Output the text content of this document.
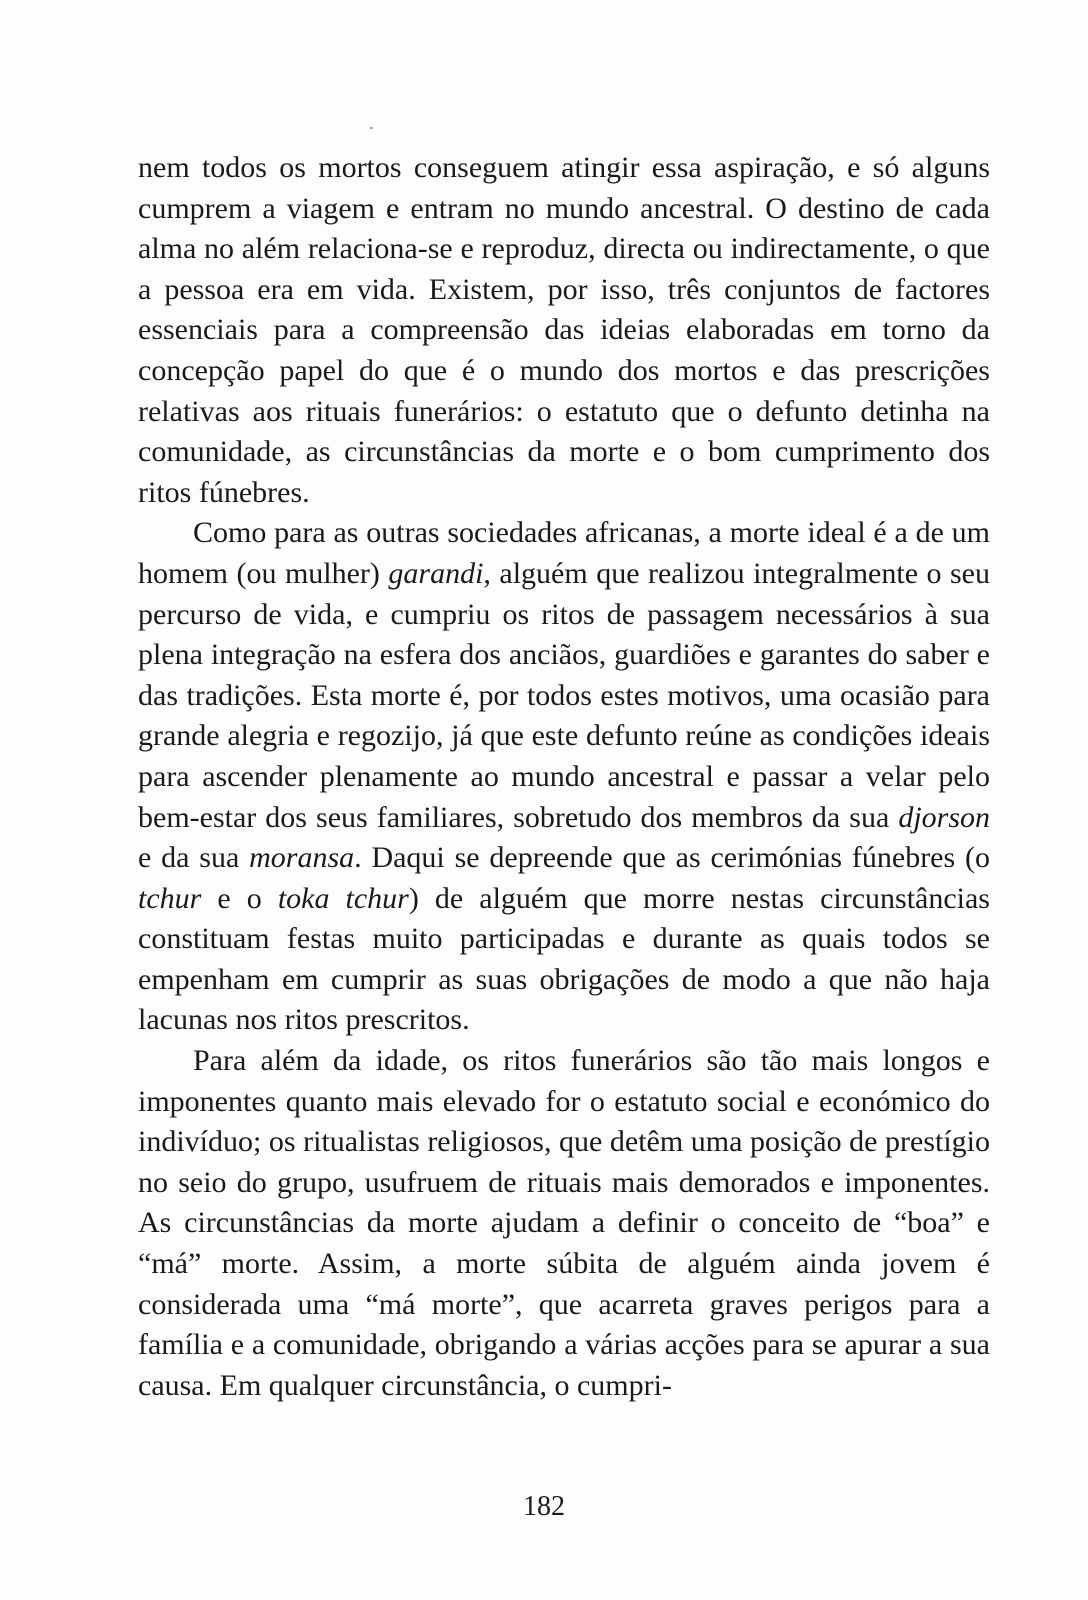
nem todos os mortos conseguem atingir essa aspiração, e só alguns cumprem a viagem e entram no mundo ancestral. O destino de cada alma no além relaciona-se e reproduz, directa ou indirectamente, o que a pessoa era em vida. Existem, por isso, três conjuntos de factores essenciais para a compreensão das ideias elaboradas em torno da concepção papel do que é o mundo dos mortos e das prescrições relativas aos rituais funerários: o estatuto que o defunto detinha na comunidade, as circunstâncias da morte e o bom cumprimento dos ritos fúnebres.

Como para as outras sociedades africanas, a morte ideal é a de um homem (ou mulher) garandi, alguém que realizou integralmente o seu percurso de vida, e cumpriu os ritos de passagem necessários à sua plena integração na esfera dos anciãos, guardiões e garantes do saber e das tradições. Esta morte é, por todos estes motivos, uma ocasião para grande alegria e regozijo, já que este defunto reúne as condições ideais para ascender plenamente ao mundo ancestral e passar a velar pelo bem-estar dos seus familiares, sobretudo dos membros da sua djorson e da sua moransa. Daqui se depreende que as cerimónias fúnebres (o tchur e o toka tchur) de alguém que morre nestas circunstâncias constituam festas muito participadas e durante as quais todos se empenham em cumprir as suas obrigações de modo a que não haja lacunas nos ritos prescritos.

Para além da idade, os ritos funerários são tão mais longos e imponentes quanto mais elevado for o estatuto social e económico do indivíduo; os ritualistas religiosos, que detêm uma posição de prestígio no seio do grupo, usufruem de rituais mais demorados e imponentes. As circunstâncias da morte ajudam a definir o conceito de “boa” e “má” morte. Assim, a morte súbita de alguém ainda jovem é considerada uma “má morte”, que acarreta graves perigos para a família e a comunidade, obrigando a várias acções para se apurar a sua causa. Em qualquer circunstância, o cumpri-

182
